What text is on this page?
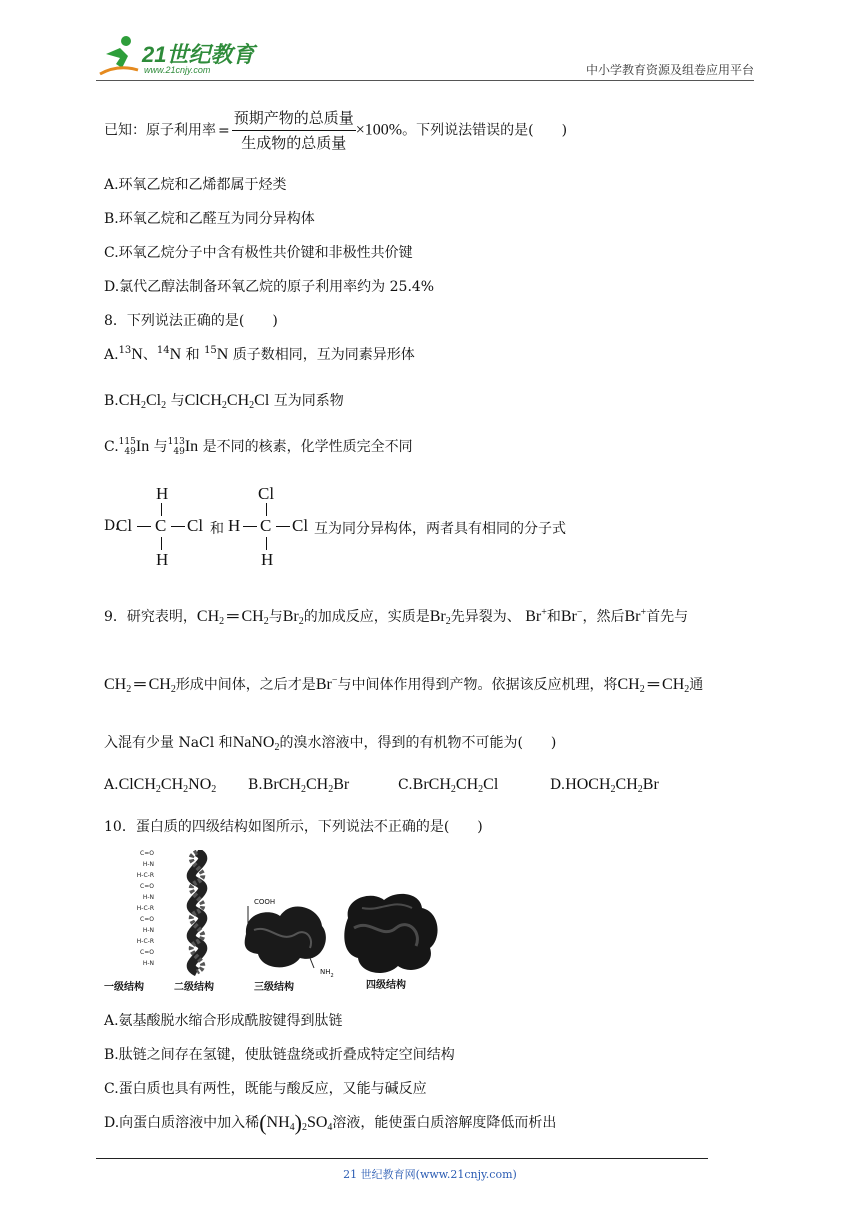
21世纪教育
www.21cnjy.com	中小学教育资源及组卷应用平台
已知：原子利用率 = $\frac{\text{预期产物的总质量}}{\text{生成物的总质量}} \times 100\%$。下列说法错误的是(　　)
A.环氧乙烷和乙烯都属于烃类
B.环氧乙烷和乙醛互为同分异构体
C.环氧乙烷分子中含有极性共价键和非极性共价键
D.氯代乙醇法制备环氧乙烷的原子利用率约为 25.4%
8．下列说法正确的是(　　)
A.$^{13}$N、$^{14}$N 和 $^{15}$N 质子数相同，互为同素异形体
$B.CH_2Cl_2$ 与$ClCH_2CH_2Cl$ 互为同系物
C. 115
49 In 与 113
49 In 是不同的核素，化学性质完全不同
D.
H
Cl C Cl
H
和
Cl
H C Cl
H
互为同分异构体，两者具有相同的分子式
9．研究表明，$CH_2$ ═ $CH_2$与$Br_2$的加成反应，实质是$Br_2$先异裂为、 Br+和Br−，然后Br+首先与
$CH_2$ ═ $CH_2$形成中间体，之后才是Br−与中间体作用得到产物。依据该反应机理，将$CH_2$ ═ $CH_2$通
入混有少量 NaCl 和NaNO$_2$的溴水溶液中，得到的有机物不可能为(　　)
$A.ClCH_2CH_2NO_2$ $B.BrCH_2CH_2Br$	$C.BrCH_2CH_2Cl$	$D.HOCH_2CH_2Br$
10．蛋白质的四级结构如图所示，下列说法不正确的是(　　)
C=O
H-N
H-C-R
C=O
H-N
H-C-R
C=O
H-N
H-C-R
C=O
H-N
COOH
$NH_2$
一级结构	二级结构	三级结构	四级结构
A.氨基酸脱水缩合形成酰胺键得到肽链
B.肽链之间存在氢键，使肽链盘绕或折叠成特定空间结构
C.蛋白质也具有两性，既能与酸反应，又能与碱反应
D.向蛋白质溶液中加入稀$(NH_4)_2SO_4$溶液，能使蛋白质溶解度降低而析出
21 世纪教育网(www.21cnjy.com)
